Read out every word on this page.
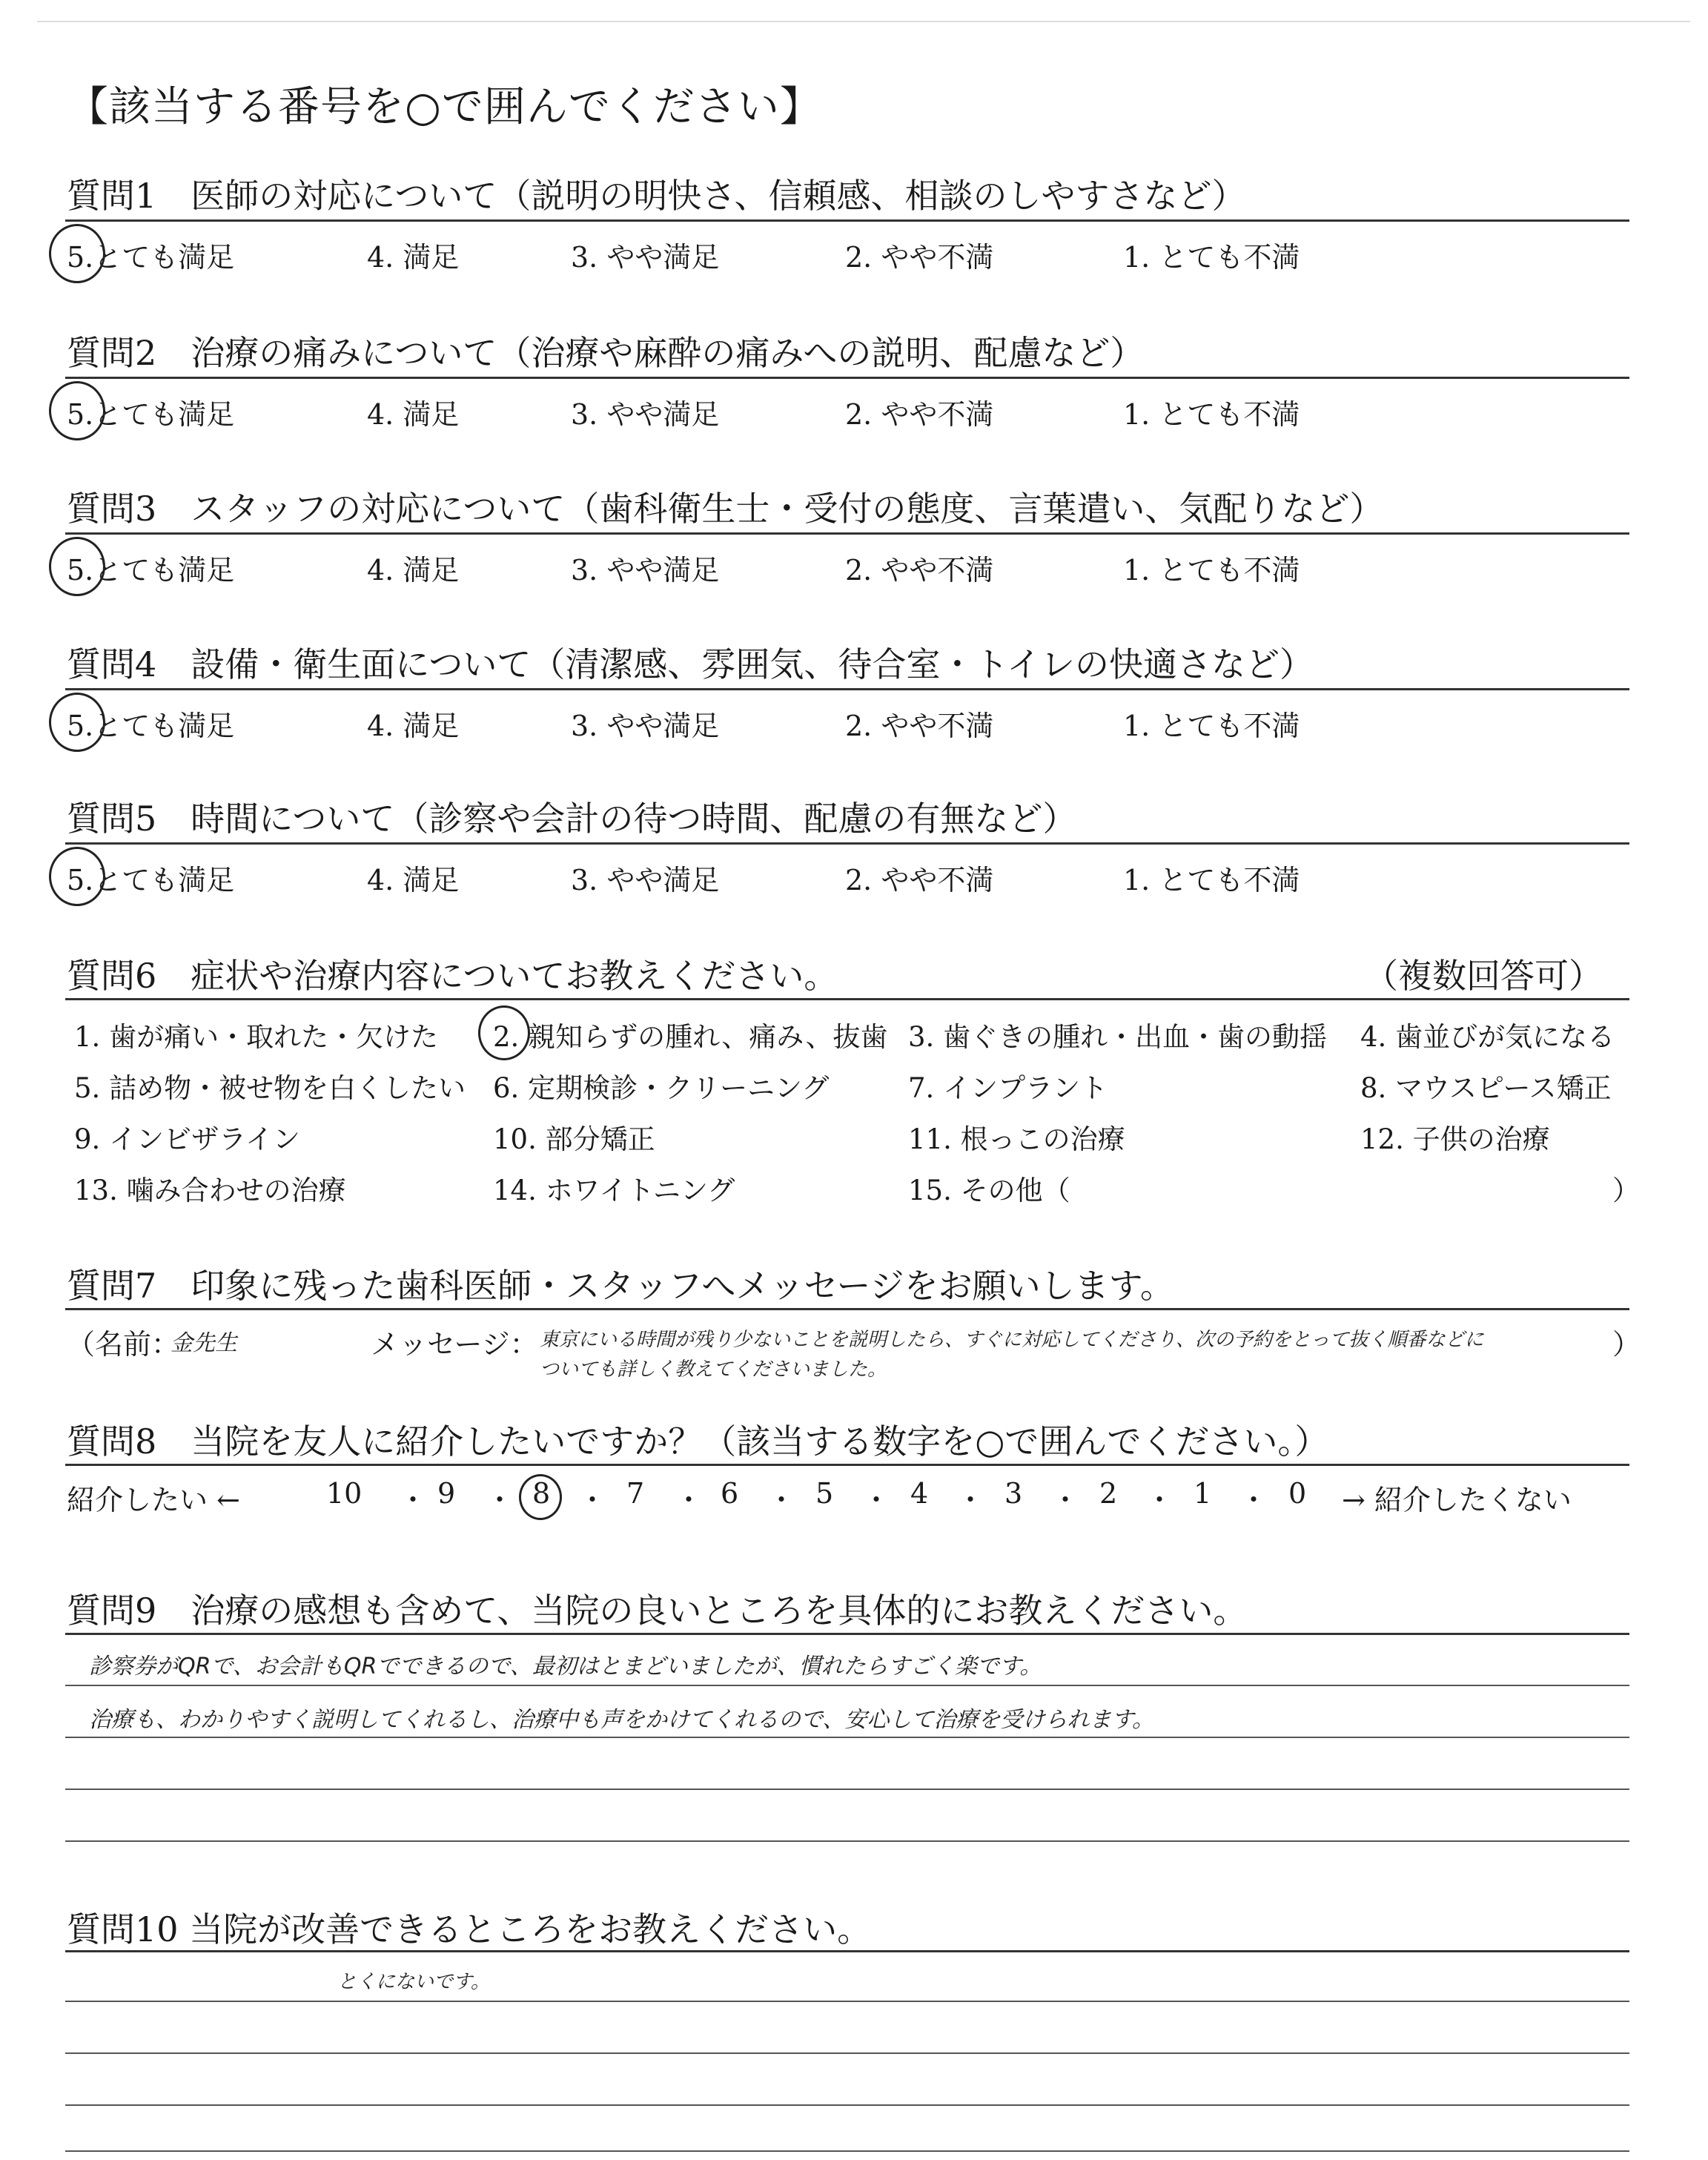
【該当する番号を○で囲んでください】
質問1　医師の対応について（説明の明快さ、信頼感、相談のしやすさなど）
5.とても満足	4. 満足	3. やや満足	2. やや不満	1. とても不満
質問2　治療の痛みについて（治療や麻酔の痛みへの説明、配慮など）
5.とても満足	4. 満足	3. やや満足	2. やや不満	1. とても不満
質問3　スタッフの対応について（歯科衛生士・受付の態度、言葉遣い、気配りなど）
5.とても満足	4. 満足	3. やや満足	2. やや不満	1. とても不満
質問4　設備・衛生面について（清潔感、雰囲気、待合室・トイレの快適さなど）
5.とても満足	4. 満足	3. やや満足	2. やや不満	1. とても不満
質問5　時間について（診察や会計の待つ時間、配慮の有無など）
5.とても満足	4. 満足	3. やや満足	2. やや不満	1. とても不満
質問6　症状や治療内容についてお教えください。	（複数回答可）
1. 歯が痛い・取れた・欠けた 2. 親知らずの腫れ、痛み、抜歯 3. 歯ぐきの腫れ・出血・歯の動揺 4. 歯並びが気になる
5. 詰め物・被せ物を白くしたい 6. 定期検診・クリーニング	7. インプラント	8. マウスピース矯正
9. インビザライン	10. 部分矯正	11. 根っこの治療	12. 子供の治療
13. 噛み合わせの治療	14. ホワイトニング	15. その他（	）
質問7　印象に残った歯科医師・スタッフへメッセージをお願いします。
（名前：
金先生	メッセージ： 東京にいる時間が残り少ないことを説明したら、すぐに対応してくださり、次の予約をとって抜く順番などに
ついても詳しく教えてくださいました。
）
質問8　当院を友人に紹介したいですか？（該当する数字を○で囲んでください。）
紹介したい ←	10 ・ 9 ・ 8 ・ 7 ・ 6 ・ 5 ・ 4 ・ 3 ・ 2 ・ 1 ・ 0 → 紹介したくない
質問9　治療の感想も含めて、当院の良いところを具体的にお教えください。
診察券がQRで、お会計もQRでできるので、最初はとまどいましたが、慣れたらすごく楽です。
治療も、わかりやすく説明してくれるし、治療中も声をかけてくれるので、安心して治療を受けられます。
質問10 当院が改善できるところをお教えください。
とくにないです。
